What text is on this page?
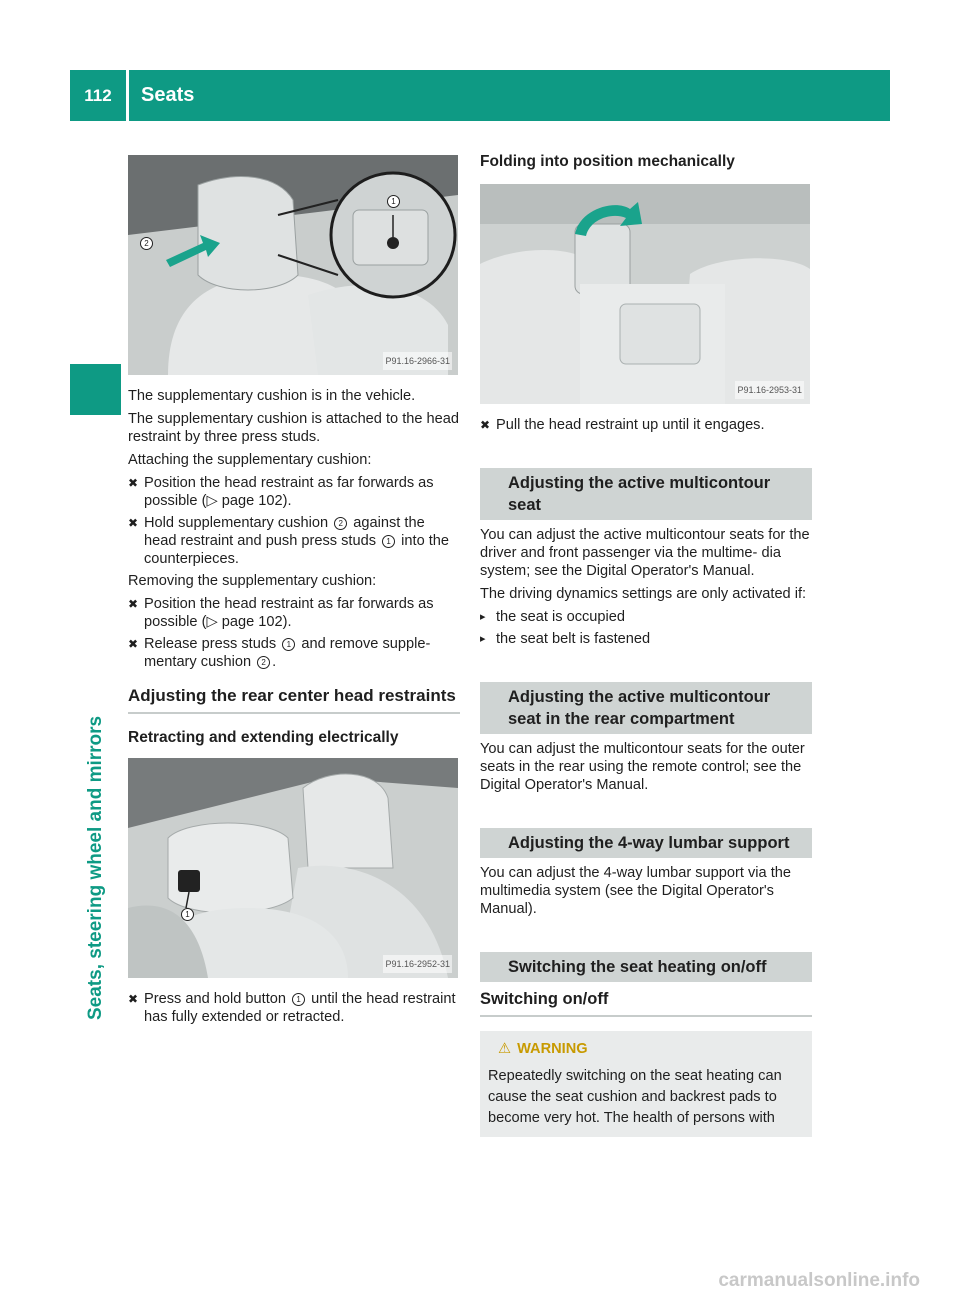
112	Seats
Seats, steering wheel and mirrors
P91.16-2966-31
1
2

The supplementary cushion is in the vehicle.

The supplementary cushion is attached to the head restraint by three press studs.

Attaching the supplementary cushion:

✖ Position the head restraint as far forwards as possible (▷ page 102).
✖ Hold supplementary cushion 2 against the head restraint and push press studs 1 into the counterpieces.

Removing the supplementary cushion:

✖ Position the head restraint as far forwards as possible (▷ page 102).
✖ Release press studs 1 and remove supple- mentary cushion 2 .
Adjusting the rear center head restraints
Retracting and extending electrically
P91.16-2952-31
1
✖ Press and hold button 1 until the head restraint has fully extended or retracted.
Folding into position mechanically
P91.16-2953-31
✖ Pull the head restraint up until it engages.
Adjusting the active multicontour seat

You can adjust the active multicontour seats for the driver and front passenger via the multime- dia system; see the Digital Operator's Manual.

The driving dynamics settings are only activated if:

▸ the seat is occupied
▸ the seat belt is fastened
Adjusting the active multicontour seat in the rear compartment

You can adjust the multicontour seats for the outer seats in the rear using the remote control; see the Digital Operator's Manual.

Adjusting the 4-way lumbar support

You can adjust the 4-way lumbar support via the multimedia system (see the Digital Operator's Manual).

Switching the seat heating on/off
Switching on/off
⚠ WARNING
Repeatedly switching on the seat heating can cause the seat cushion and backrest pads to become very hot. The health of persons with
carmanualsonline.info
